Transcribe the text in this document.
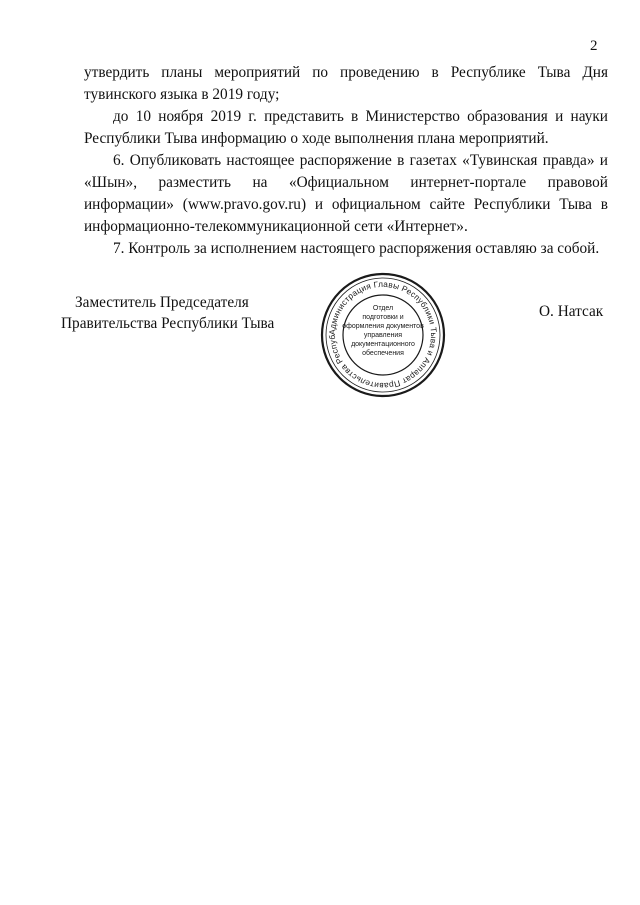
2

утвердить планы мероприятий по проведению в Республике Тыва Дня тувинского языка в 2019 году;

до 10 ноября 2019 г. представить в Министерство образования и науки Республики Тыва информацию о ходе выполнения плана мероприятий.

6. Опубликовать настоящее распоряжение в газетах «Тувинская правда» и «Шын», разместить на «Официальном интернет-портале правовой информации» (www.pravo.gov.ru) и официальном сайте Республики Тыва в информационно-телекоммуникационной сети «Интернет».

7. Контроль за исполнением настоящего распоряжения оставляю за собой.

Заместитель Председателя
Правительства Республики Тыва
Администрация Главы Республики Тыва и Аппарат Правительства Респуб
Отдел
подготовки и
оформления документов
управления
документационного
обеспечения
О. Натсак
